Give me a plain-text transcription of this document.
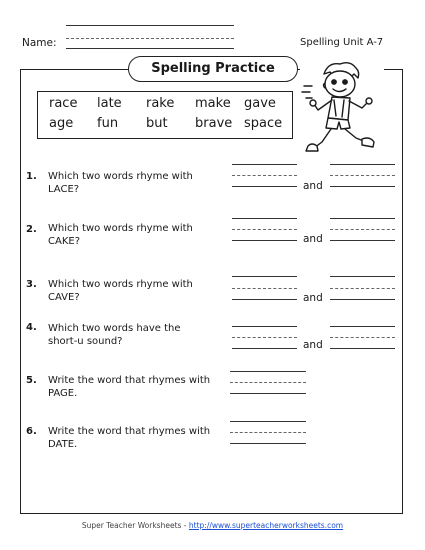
Name:	Spelling Unit A-7
Spelling Practice
race late rake make gave
age fun but brave space
1. Which two words rhyme with
LACE?	and
2. Which two words rhyme with
CAKE?	and
3. Which two words rhyme with
CAVE?	and
4. Which two words have the
short-u sound?	and
5. Write the word that rhymes with
PAGE.
6. Write the word that rhymes with
DATE.
Super Teacher Worksheets - http://www.superteacherworksheets.com
